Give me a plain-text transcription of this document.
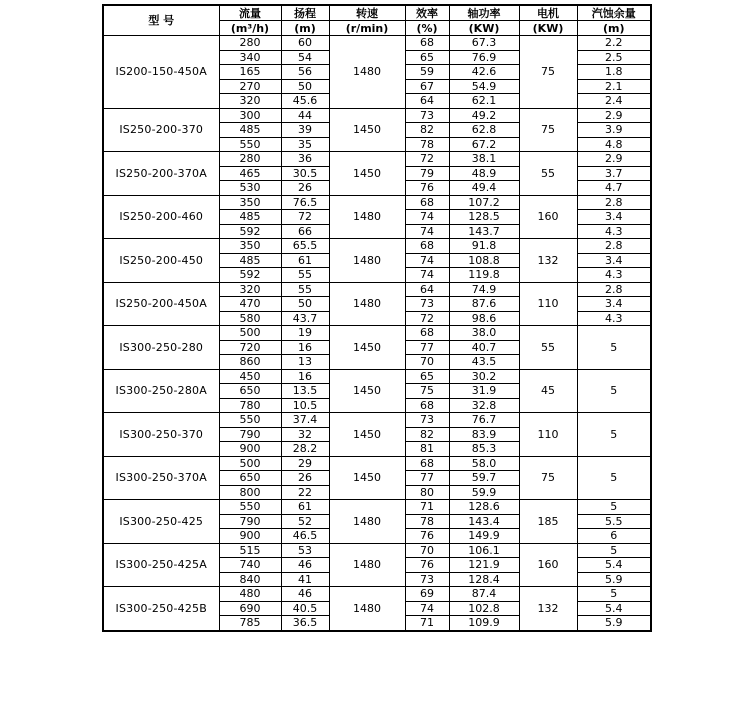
型 号	流量	扬程	转速	效率	轴功率	电机	汽蚀余量
	(m³/h)	(m)	(r/min)	(%)	(KW)	(KW)	(m)
IS200-150-450A	280	60	1480	68	67.3	75	2.2
	340	54		65	76.9		2.5
	165	56		59	42.6		1.8
	270	50		67	54.9		2.1
	320	45.6		64	62.1		2.4
IS250-200-370	300	44	1450	73	49.2	75	2.9
	485	39		82	62.8		3.9
	550	35		78	67.2		4.8
IS250-200-370A	280	36	1450	72	38.1	55	2.9
	465	30.5		79	48.9		3.7
	530	26		76	49.4		4.7
IS250-200-460	350	76.5	1480	68	107.2	160	2.8
	485	72		74	128.5		3.4
	592	66		74	143.7		4.3
IS250-200-450	350	65.5	1480	68	91.8	132	2.8
	485	61		74	108.8		3.4
	592	55		74	119.8		4.3
IS250-200-450A	320	55	1480	64	74.9	110	2.8
	470	50		73	87.6		3.4
	580	43.7		72	98.6		4.3
IS300-250-280	500	19	1450	68	38.0	55	5
	720	16		77	40.7		
	860	13		70	43.5		
IS300-250-280A	450	16	1450	65	30.2	45	5
	650	13.5		75	31.9		
	780	10.5		68	32.8		
IS300-250-370	550	37.4	1450	73	76.7	110	5
	790	32		82	83.9		
	900	28.2		81	85.3		
IS300-250-370A	500	29	1450	68	58.0	75	5
	650	26		77	59.7		
	800	22		80	59.9		
IS300-250-425	550	61	1480	71	128.6	185	5
	790	52		78	143.4		5.5
	900	46.5		76	149.9		6
IS300-250-425A	515	53	1480	70	106.1	160	5
	740	46		76	121.9		5.4
	840	41		73	128.4		5.9
IS300-250-425B	480	46	1480	69	87.4	132	5
	690	40.5		74	102.8		5.4
	785	36.5		71	109.9		5.9
